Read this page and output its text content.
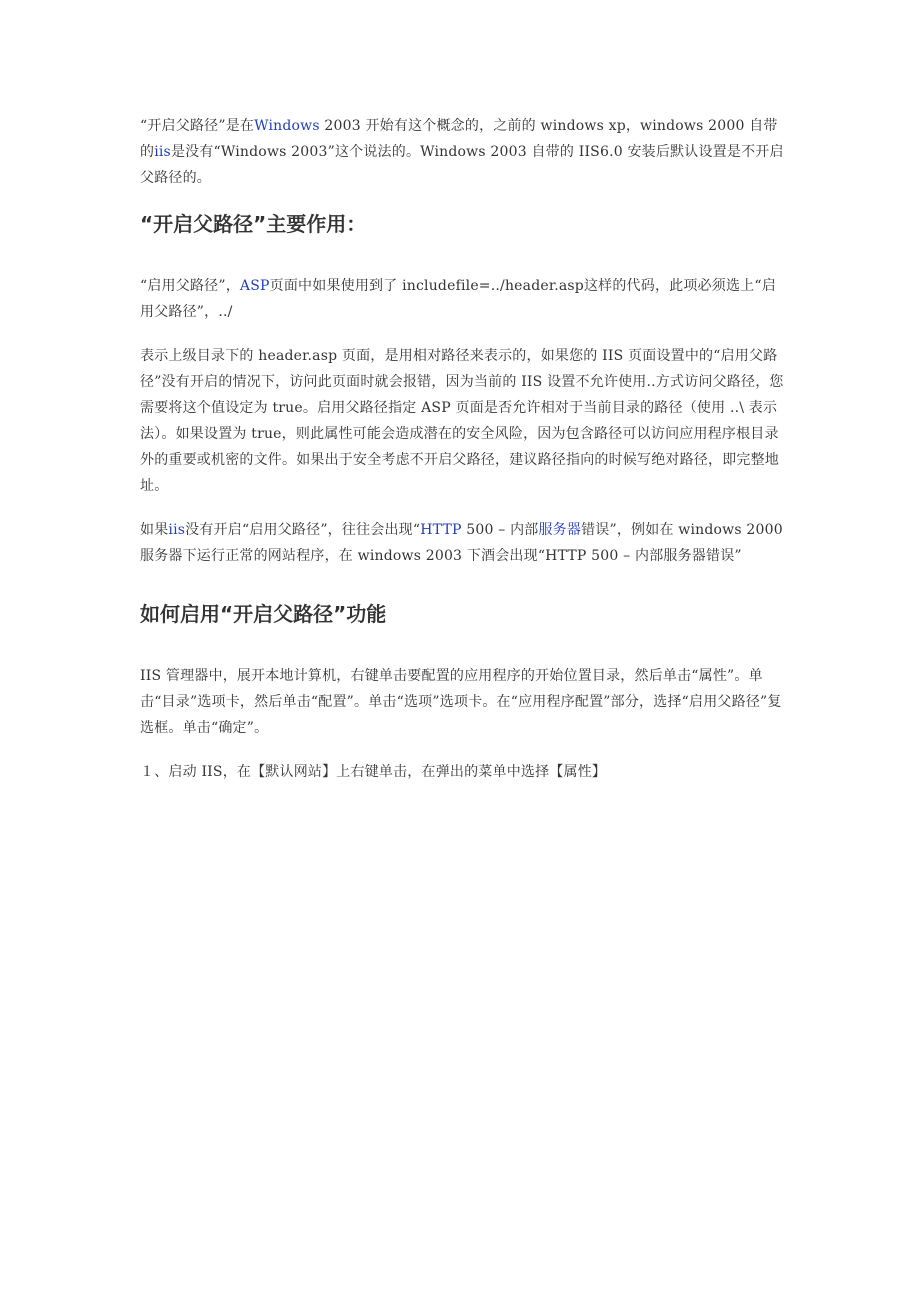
“开启父路径”是在Windows 2003 开始有这个概念的，之前的 windows xp，windows 2000 自带的iis是没有“Windows 2003”这个说法的。Windows 2003 自带的 IIS6.0 安装后默认设置是不开启父路径的。

“开启父路径”主要作用：

“启用父路径”，ASP页面中如果使用到了 includefile=../header.asp这样的代码，此项必须选上“启用父路径”，../

表示上级目录下的 header.asp 页面，是用相对路径来表示的，如果您的 IIS 页面设置中的“启用父路径”没有开启的情况下，访问此页面时就会报错，因为当前的 IIS 设置不允许使用..方式访问父路径，您需要将这个值设定为 true。启用父路径指定 ASP 页面是否允许相对于当前目录的路径（使用 ..\ 表示法）。如果设置为 true，则此属性可能会造成潜在的安全风险，因为包含路径可以访问应用程序根目录外的重要或机密的文件。如果出于安全考虑不开启父路径，建议路径指向的时候写绝对路径，即完整地址。

如果iis没有开启“启用父路径”，往往会出现“HTTP 500 – 内部服务器错误”，例如在 windows 2000 服务器下运行正常的网站程序，在 windows 2003 下酒会出现“HTTP 500 – 内部服务器错误”

如何启用“开启父路径”功能

IIS 管理器中，展开本地计算机，右键单击要配置的应用程序的开始位置目录，然后单击“属性”。单击“目录”选项卡，然后单击“配置”。单击“选项”选项卡。在“应用程序配置”部分，选择“启用父路径”复选框。单击“确定”。

１、启动 IIS，在【默认网站】上右键单击，在弹出的菜单中选择【属性】
